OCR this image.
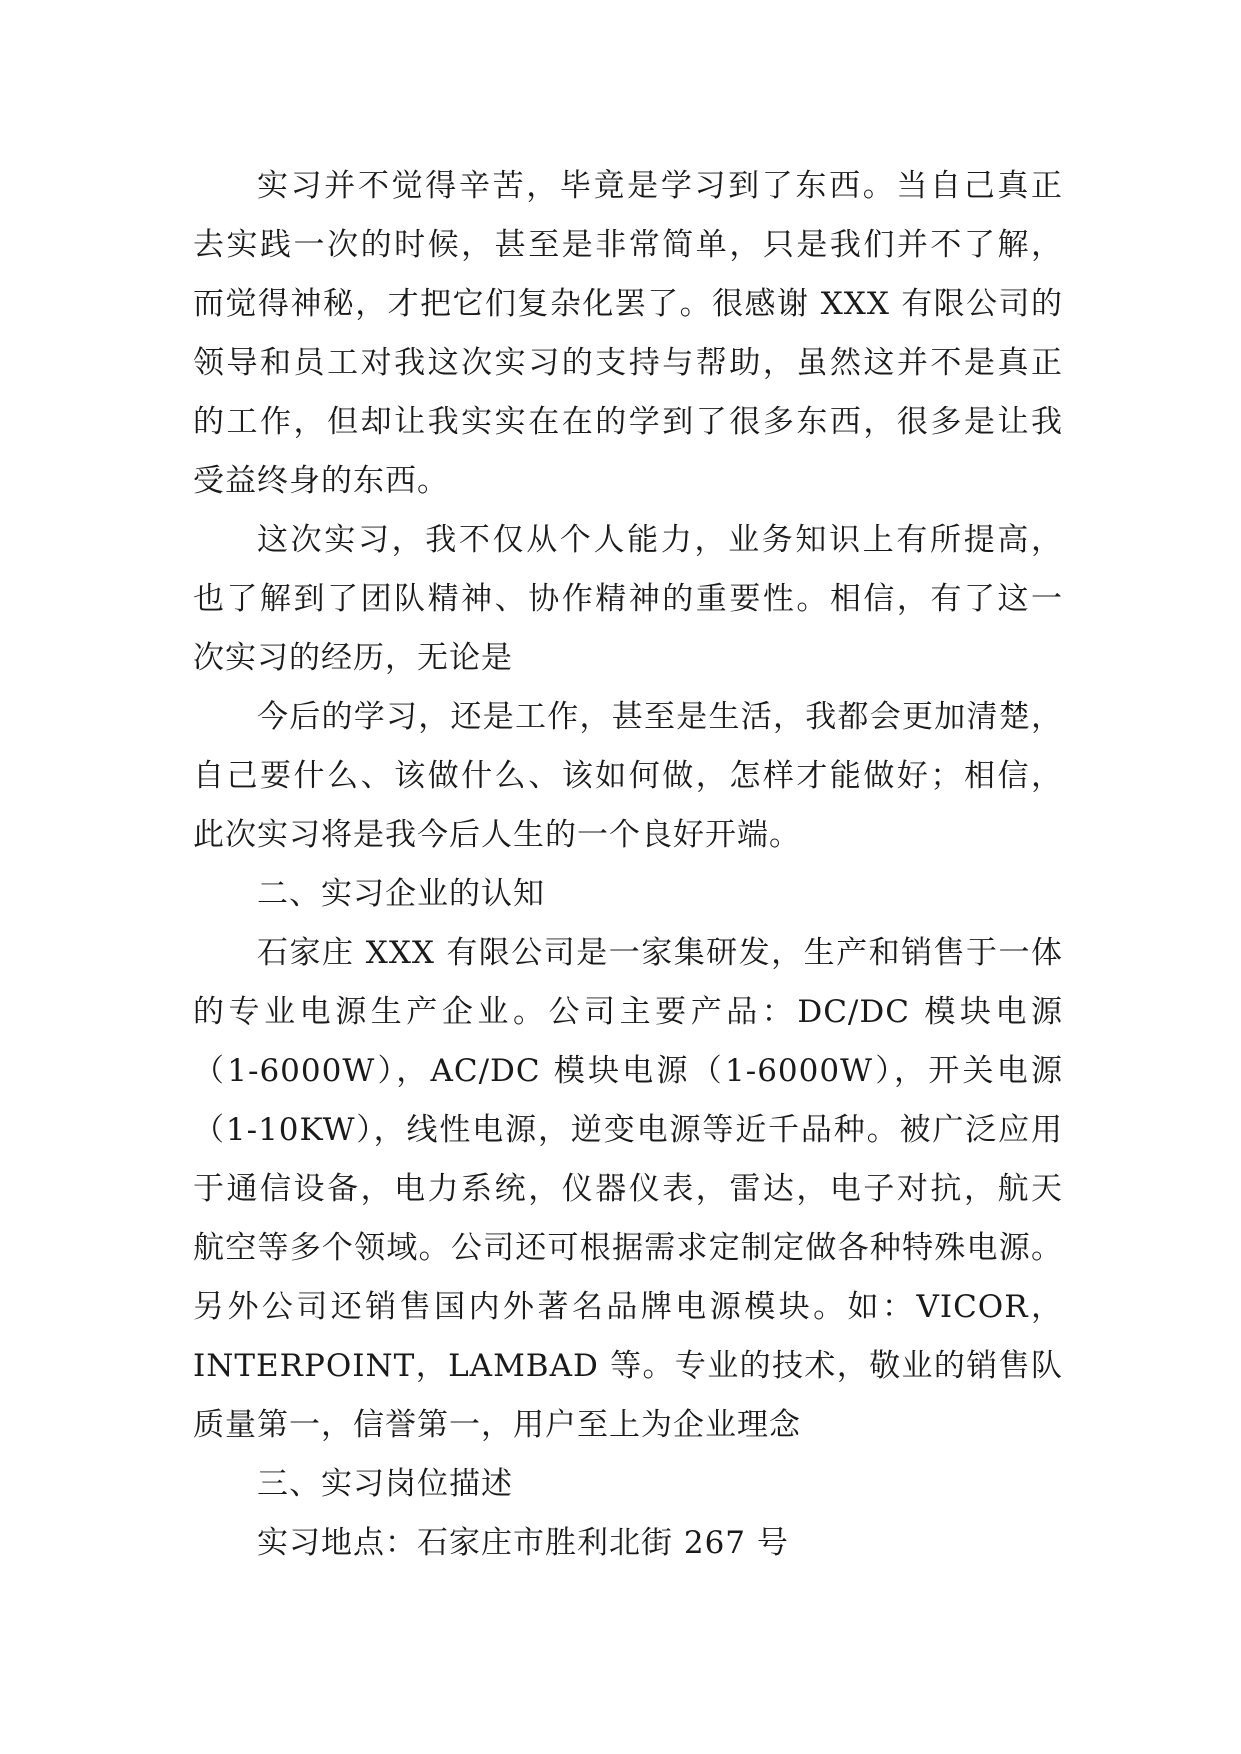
实习并不觉得辛苦，毕竟是学习到了东西。当自己真正
去实践一次的时候，甚至是非常简单，只是我们并不了解，
而觉得神秘，才把它们复杂化罢了。很感谢 XXX 有限公司的
领导和员工对我这次实习的支持与帮助，虽然这并不是真正
的工作，但却让我实实在在的学到了很多东西，很多是让我
受益终身的东西。
这次实习，我不仅从个人能力，业务知识上有所提高，
也了解到了团队精神、协作精神的重要性。相信，有了这一
次实习的经历，无论是
今后的学习，还是工作，甚至是生活，我都会更加清楚，
自己要什么、该做什么、该如何做，怎样才能做好；相信，
此次实习将是我今后人生的一个良好开端。
二、实习企业的认知
石家庄 XXX 有限公司是一家集研发，生产和销售于一体
的专业电源生产企业。公司主要产品：DC/DC 模块电源
（1-6000W），AC/DC 模块电源（1-6000W），开关电源
（1-10KW），线性电源，逆变电源等近千品种。被广泛应用
于通信设备，电力系统，仪器仪表，雷达，电子对抗，航天
航空等多个领域。公司还可根据需求定制定做各种特殊电源。
另外公司还销售国内外著名品牌电源模块。如：VICOR，
INTERPOINT，LAMBAD 等。专业的技术，敬业的销售队
质量第一，信誉第一，用户至上为企业理念
三、实习岗位描述
实习地点：石家庄市胜利北街 267 号
